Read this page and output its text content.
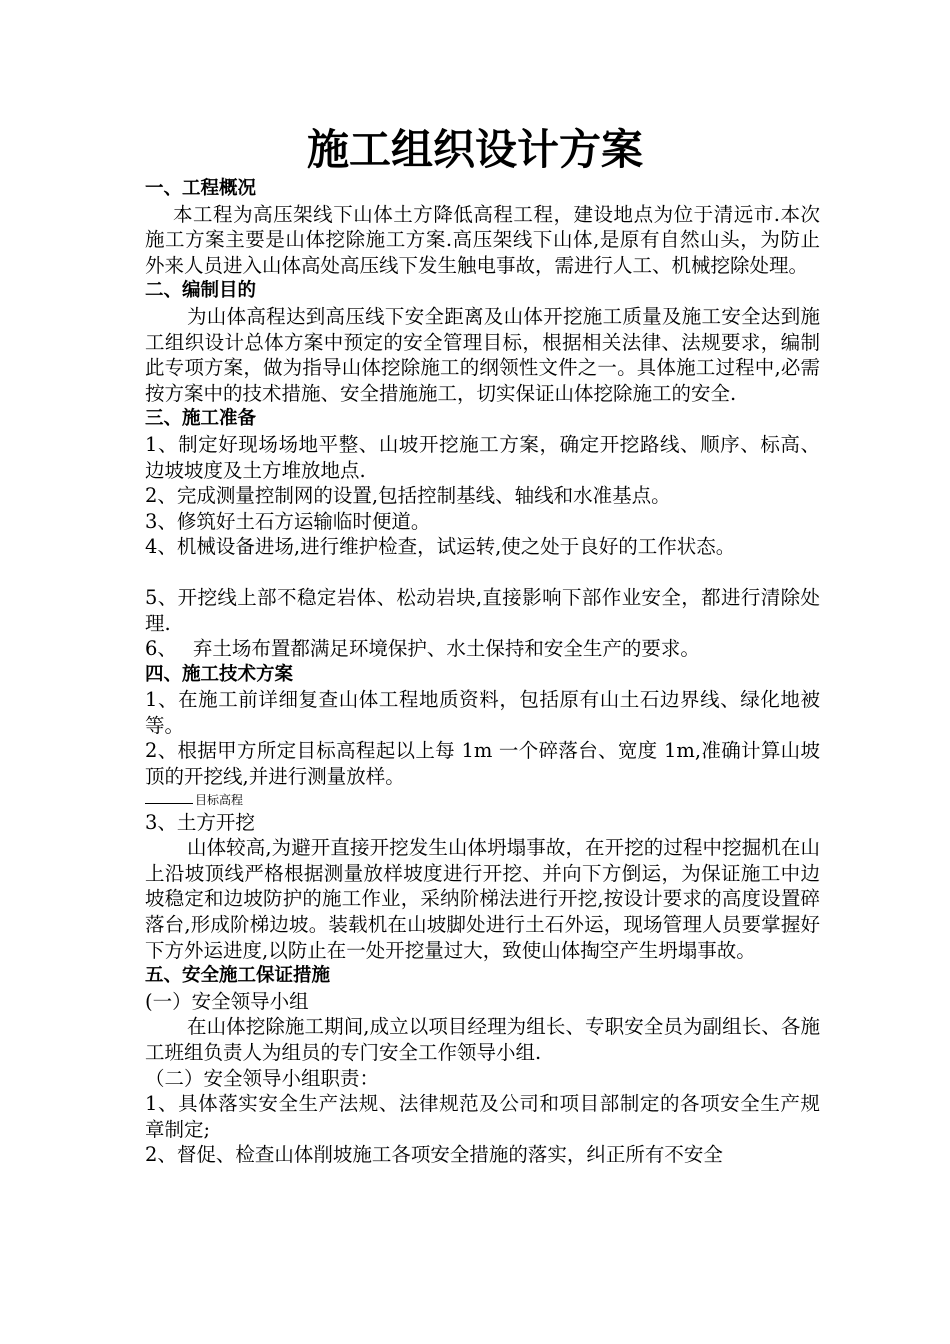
施工组织设计方案

一、工程概况

本工程为高压架线下山体土方降低高程工程，建设地点为位于清远市.本次施工方案主要是山体挖除施工方案.高压架线下山体,是原有自然山头，为防止外来人员进入山体高处高压线下发生触电事故，需进行人工、机械挖除处理。

二、编制目的

为山体高程达到高压线下安全距离及山体开挖施工质量及施工安全达到施工组织设计总体方案中预定的安全管理目标，根据相关法律、法规要求，编制此专项方案，做为指导山体挖除施工的纲领性文件之一。具体施工过程中,必需按方案中的技术措施、安全措施施工，切实保证山体挖除施工的安全.

三、施工准备

1、制定好现场场地平整、山坡开挖施工方案，确定开挖路线、顺序、标高、边坡坡度及土方堆放地点.

2、完成测量控制网的设置,包括控制基线、轴线和水准基点。

3、修筑好土石方运输临时便道。

4、机械设备进场,进行维护检查，试运转,使之处于良好的工作状态。

5、开挖线上部不稳定岩体、松动岩块,直接影响下部作业安全，都进行清除处理.

6、　 弃土场布置都满足环境保护、水土保持和安全生产的要求。

四、施工技术方案

1、在施工前详细复查山体工程地质资料，包括原有山土石边界线、绿化地被等。

2、根据甲方所定目标高程起以上每 1m 一个碎落台、宽度 1m,准确计算山坡顶的开挖线,并进行测量放样。

目标高程

3、土方开挖

山体较高,为避开直接开挖发生山体坍塌事故，在开挖的过程中挖掘机在山上沿坡顶线严格根据测量放样坡度进行开挖、并向下方倒运，为保证施工中边坡稳定和边坡防护的施工作业，采纳阶梯法进行开挖,按设计要求的高度设置碎落台,形成阶梯边坡。装载机在山坡脚处进行土石外运，现场管理人员要掌握好下方外运进度,以防止在一处开挖量过大，致使山体掏空产生坍塌事故。

五、安全施工保证措施

(一）安全领导小组

在山体挖除施工期间,成立以项目经理为组长、专职安全员为副组长、各施工班组负责人为组员的专门安全工作领导小组.

（二）安全领导小组职责：

1、具体落实安全生产法规、法律规范及公司和项目部制定的各项安全生产规章制定;

2、督促、检查山体削坡施工各项安全措施的落实，纠正所有不安全
